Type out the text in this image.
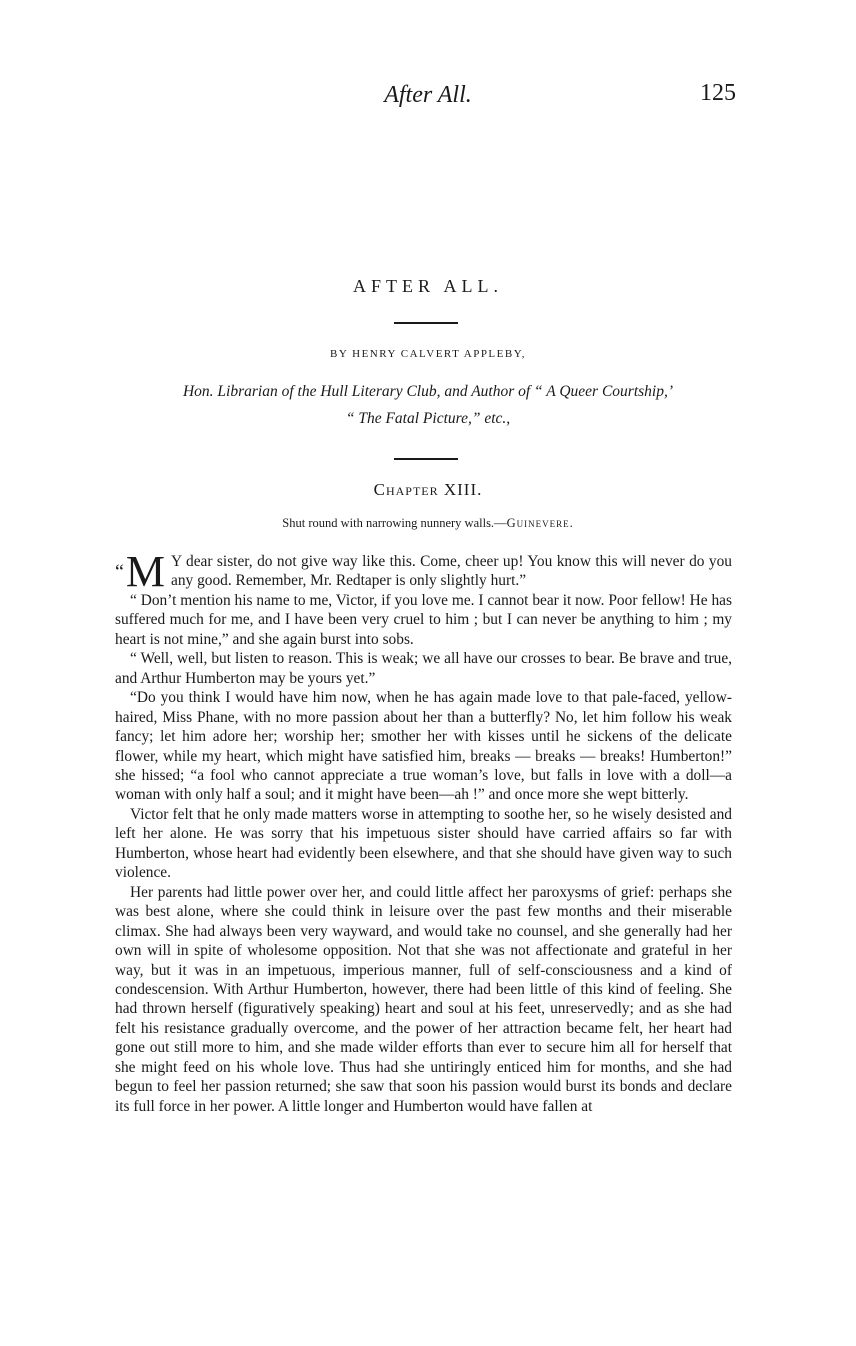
After All.	125
AFTER ALL.
BY HENRY CALVERT APPLEBY,
Hon. Librarian of the Hull Literary Club, and Author of “ A Queer Courtship,’
“ The Fatal Picture,” etc.,
Chapter XIII.
Shut round with narrowing nunnery walls.—Guinevere.

“M Y dear sister, do not give way like this. Come, cheer up! You know this will never do you any good. Remember, Mr. Redtaper is only slightly hurt.”

“ Don’t mention his name to me, Victor, if you love me. I cannot bear it now. Poor fellow! He has suffered much for me, and I have been very cruel to him ; but I can never be anything to him ; my heart is not mine,” and she again burst into sobs.

“ Well, well, but listen to reason. This is weak; we all have our crosses to bear. Be brave and true, and Arthur Humberton may be yours yet.”

“Do you think I would have him now, when he has again made love to that pale-faced, yellow-haired, Miss Phane, with no more passion about her than a butterfly? No, let him follow his weak fancy; let him adore her; worship her; smother her with kisses until he sickens of the delicate flower, while my heart, which might have satisfied him, breaks — breaks — breaks! Humberton!” she hissed; “a fool who cannot appreciate a true woman’s love, but falls in love with a doll—a woman with only half a soul; and it might have been—ah !” and once more she wept bitterly.

Victor felt that he only made matters worse in attempting to soothe her, so he wisely desisted and left her alone. He was sorry that his impetuous sister should have carried affairs so far with Humberton, whose heart had evidently been elsewhere, and that she should have given way to such violence.

Her parents had little power over her, and could little affect her paroxysms of grief: perhaps she was best alone, where she could think in leisure over the past few months and their miserable climax. She had always been very wayward, and would take no counsel, and she generally had her own will in spite of wholesome opposition. Not that she was not affectionate and grateful in her way, but it was in an impetuous, imperious manner, full of self-consciousness and a kind of condescension. With Arthur Humberton, however, there had been little of this kind of feeling. She had thrown herself (figuratively speaking) heart and soul at his feet, unreservedly; and as she had felt his resistance gradually overcome, and the power of her attraction became felt, her heart had gone out still more to him, and she made wilder efforts than ever to secure him all for herself that she might feed on his whole love. Thus had she untiringly enticed him for months, and she had begun to feel her passion returned; she saw that soon his passion would burst its bonds and declare its full force in her power. A little longer and Humberton would have fallen at
